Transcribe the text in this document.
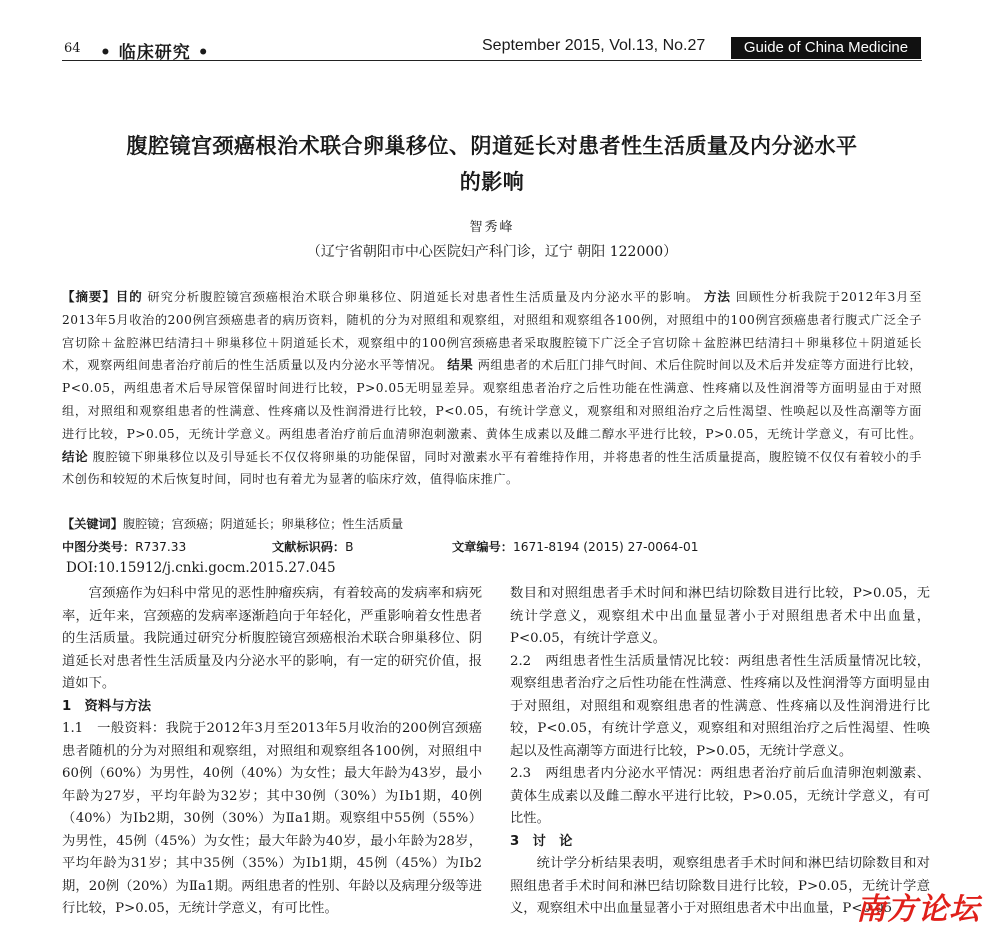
64 • 临床研究 •	September 2015, Vol.13, No.27	Guide of China Medicine
腹腔镜宫颈癌根治术联合卵巢移位、阴道延长对患者性生活质量及内分泌水平
的影响
智秀峰
（辽宁省朝阳市中心医院妇产科门诊，辽宁 朝阳 122000）
【摘要】目的 研究分析腹腔镜宫颈癌根治术联合卵巢移位、阴道延长对患者性生活质量及内分泌水平的影响。 方法 回顾性分析我院于2012年3月至2013年5月收治的200例宫颈癌患者的病历资料，随机的分为对照组和观察组，对照组和观察组各100例，对照组中的100例宫颈癌患者行腹式广泛全子宫切除＋盆腔淋巴结清扫＋卵巢移位＋阴道延长术，观察组中的100例宫颈癌患者采取腹腔镜下广泛全子宫切除＋盆腔淋巴结清扫＋卵巢移位＋阴道延长术，观察两组间患者治疗前后的性生活质量以及内分泌水平等情况。 结果 两组患者的术后肛门排气时间、术后住院时间以及术后并发症等方面进行比较，P<0.05，两组患者术后导尿管保留时间进行比较，P>0.05无明显差异。观察组患者治疗之后性功能在性满意、性疼痛以及性润滑等方面明显由于对照组，对照组和观察组患者的性满意、性疼痛以及性润滑进行比较，P<0.05，有统计学意义，观察组和对照组治疗之后性渴望、性唤起以及性高潮等方面进行比较，P>0.05，无统计学意义。两组患者治疗前后血清卵泡刺激素、黄体生成素以及雌二醇水平进行比较，P>0.05，无统计学意义，有可比性。 结论 腹腔镜下卵巢移位以及引导延长不仅仅将卵巢的功能保留，同时对激素水平有着维持作用，并将患者的性生活质量提高，腹腔镜不仅仅有着较小的手术创伤和较短的术后恢复时间，同时也有着尤为显著的临床疗效，值得临床推广。
【关键词】腹腔镜；宫颈癌；阴道延长；卵巢移位；性生活质量
中图分类号：R737.33	文献标识码：B	文章编号：1671-8194 (2015) 27-0064-01
DOI:10.15912/j.cnki.gocm.2015.27.045

宫颈癌作为妇科中常见的恶性肿瘤疾病，有着较高的发病率和病死率，近年来，宫颈癌的发病率逐渐趋向于年轻化，严重影响着女性患者的生活质量。我院通过研究分析腹腔镜宫颈癌根治术联合卵巢移位、阴道延长对患者性生活质量及内分泌水平的影响，有一定的研究价值，报道如下。

1　资料与方法

1.1　一般资料：我院于2012年3月至2013年5月收治的200例宫颈癌患者随机的分为对照组和观察组，对照组和观察组各100例，对照组中60例（60%）为男性，40例（40%）为女性；最大年龄为43岁，最小年龄为27岁，平均年龄为32岁；其中30例（30%）为Ⅰb1期，40例（40%）为Ⅰb2期，30例（30%）为Ⅱa1期。观察组中55例（55%）为男性，45例（45%）为女性；最大年龄为40岁，最小年龄为28岁，平均年龄为31岁；其中35例（35%）为Ⅰb1期，45例（45%）为Ⅰb2期，20例（20%）为Ⅱa1期。两组患者的性别、年龄以及病理分级等进行比较，P>0.05，无统计学意义，有可比性。

数目和对照组患者手术时间和淋巴结切除数目进行比较，P>0.05，无统计学意义，观察组术中出血量显著小于对照组患者术中出血量，P<0.05，有统计学意义。

2.2　两组患者性生活质量情况比较：两组患者性生活质量情况比较，观察组患者治疗之后性功能在性满意、性疼痛以及性润滑等方面明显由于对照组，对照组和观察组患者的性满意、性疼痛以及性润滑进行比较，P<0.05，有统计学意义，观察组和对照组治疗之后性渴望、性唤起以及性高潮等方面进行比较，P>0.05，无统计学意义。

2.3　两组患者内分泌水平情况：两组患者治疗前后血清卵泡刺激素、黄体生成素以及雌二醇水平进行比较，P>0.05，无统计学意义，有可比性。

3　讨　论

统计学分析结果表明，观察组患者手术时间和淋巴结切除数目和对照组患者手术时间和淋巴结切除数目进行比较，P>0.05，无统计学意义，观察组术中出血量显著小于对照组患者术中出血量，P<0.05

南方论坛
